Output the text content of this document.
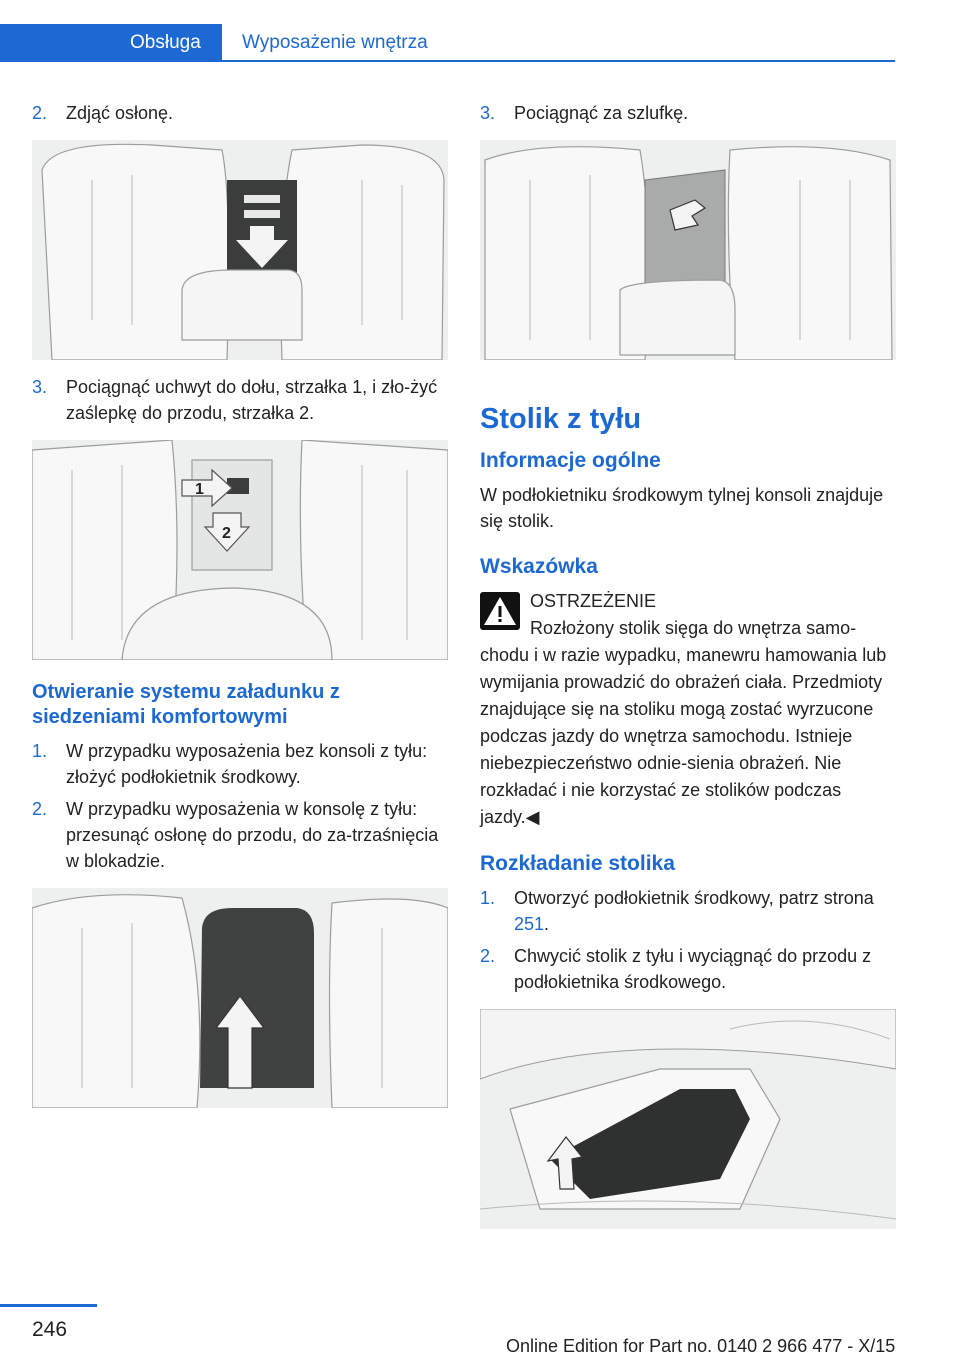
Obsługa	Wyposażenie wnętrza
2.	Zdjąć osłonę.
3.	Pociągnąć uchwyt do dołu, strzałka 1, i zło‐żyć zaślepkę do przodu, strzałka 2.
1
2
Otwieranie systemu załadunku z siedzeniami komfortowymi
1.	W przypadku wyposażenia bez konsoli z tyłu: złożyć podłokietnik środkowy.
2.	W przypadku wyposażenia w konsolę z tyłu: przesunąć osłonę do przodu, do za‐trzaśnięcia w blokadzie.
3.	Pociągnąć za szlufkę.
Stolik z tyłu
Informacje ogólne
W podłokietniku środkowym tylnej konsoli znajduje się stolik.
Wskazówka
OSTRZEŻENIE
Rozłożony stolik sięga do wnętrza samo‐
chodu i w razie wypadku, manewru hamowania lub wymijania prowadzić do obrażeń ciała. Przedmioty znajdujące się na stoliku mogą zostać wyrzucone podczas jazdy do wnętrza samochodu. Istnieje niebezpieczeństwo odnie‐sienia obrażeń. Nie rozkładać i nie korzystać ze stolików podczas jazdy.◀
Rozkładanie stolika
1.	Otworzyć podłokietnik środkowy, patrz strona 251.
2.	Chwycić stolik z tyłu i wyciągnąć do przodu z podłokietnika środkowego.
246
Online Edition for Part no. 0140 2 966 477 - X/15
